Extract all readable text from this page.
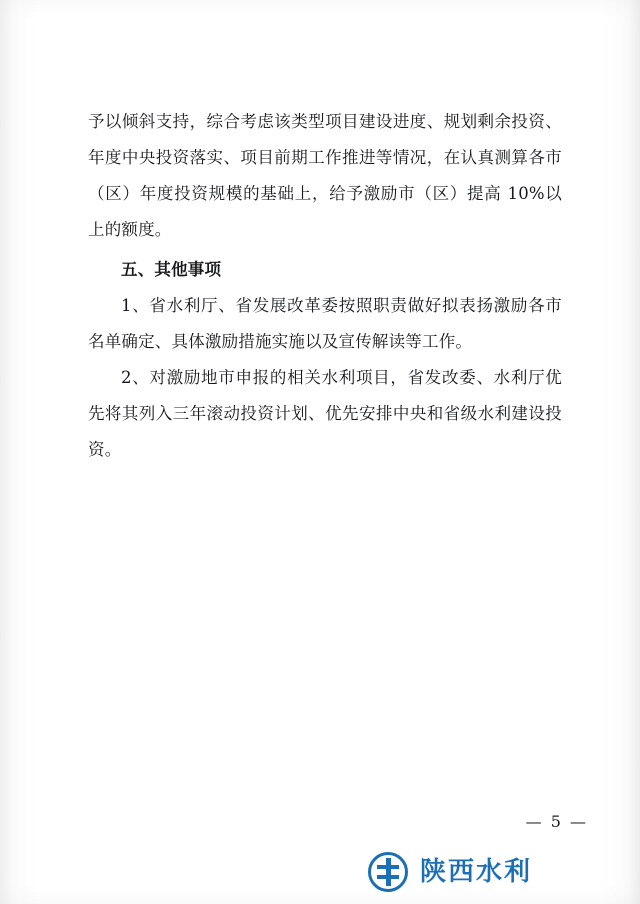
予以倾斜支持，综合考虑该类型项目建设进度、规划剩余投资、年度中央投资落实、项目前期工作推进等情况，在认真测算各市（区）年度投资规模的基础上，给予激励市（区）提高 10%以上的额度。

五、其他事项

1、省水利厅、省发展改革委按照职责做好拟表扬激励各市名单确定、具体激励措施实施以及宣传解读等工作。

2、对激励地市申报的相关水利项目，省发改委、水利厅优先将其列入三年滚动投资计划、优先安排中央和省级水利建设投资。

— 5 —
陕西水利
